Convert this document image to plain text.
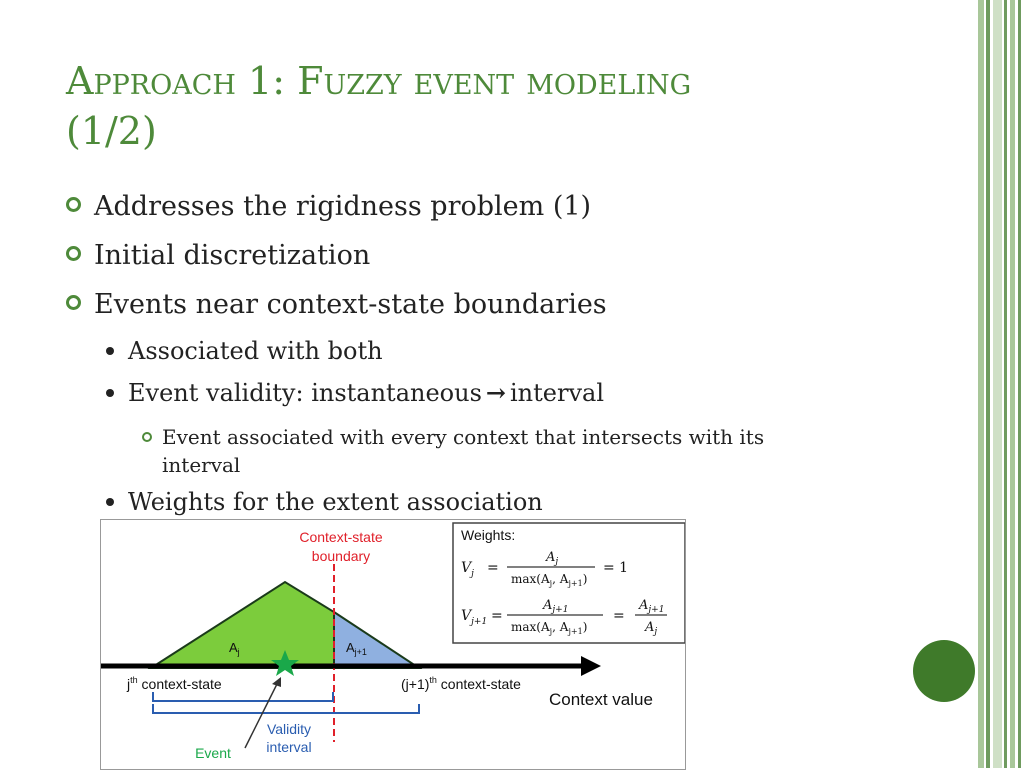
Approach 1: Fuzzy event modeling
(1/2)
Addresses the rigidness problem (1)
Initial discretization
Events near context-state boundaries
Associated with both
Event validity: instantaneous → interval
Event associated with every context that intersects with its
interval
Weights for the extent association
Context-state
boundary
$A_j$	$A_{j+1}$
$j^{th}$ context-state	$(j+1)^{th}$ context-state
Context value
Validity
interval
Event
Weights:
$V_j$ =
$A_j$
$\max(A_j$, $A_{j+1}$)
= 1
$V_{j+1}$ =
$A_{j+1}$
$\max(A_j$, $A_{j+1}$)
=
$A_{j+1}$
$A_j$
